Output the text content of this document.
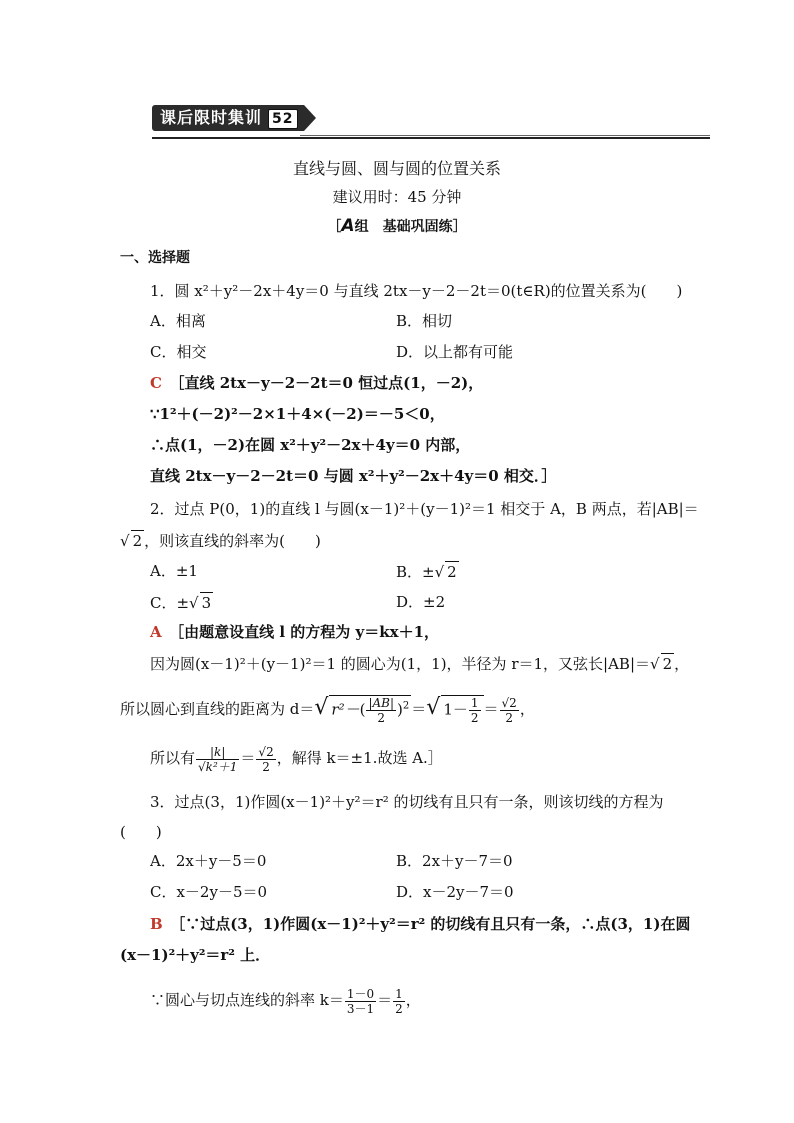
课后限时集训 52
直线与圆、圆与圆的位置关系
建议用时：45 分钟
［A组　基础巩固练］
一、选择题
1．圆 x²＋y²－2x＋4y＝0 与直线 2tx－y－2－2t＝0(t∈R)的位置关系为(　　)
A．相离	B．相切
C．相交	D．以上都有可能
C　 ［直线 2tx－y－2－2t＝0 恒过点(1，－2)，
∵1²＋(－2)²－2×1＋4×(－2)＝－5＜0，
∴点(1，－2)在圆 x²＋y²－2x＋4y＝0 内部，
直线 2tx－y－2－2t＝0 与圆 x²＋y²－2x＋4y＝0 相交．］
2．过点 P(0，1)的直线 l 与圆(x－1)²＋(y－1)²＝1 相交于 A，B 两点，若|AB|＝
√ 2 ，则该直线的斜率为(　　)
A．±1	B．±√ 2
C．±√ 3	D．±2
A　 ［由题意设直线 l 的方程为 y＝kx＋1，
因为圆(x－1)²＋(y－1)²＝1 的圆心为(1，1)，半径为 r＝1，又弦长|AB|＝√ 2 ，
所以圆心到直线的距离为 d＝√ $r^2-( \frac{|AB|}{2} )^2$ ＝√ $1- \frac{1}{2} = \frac{√2}{2}$ ，
所以有 $\frac{|k|}{\text{√k²＋1}} = \frac{√2}{2}$ ，解得 k＝±1.故选 A.］
3．过点(3，1)作圆(x－1)²＋y²＝r² 的切线有且只有一条，则该切线的方程为
(　　)
A．2x＋y－5＝0	B．2x＋y－7＝0
C．x－2y－5＝0	D．x－2y－7＝0
B　 ［∵过点(3，1)作圆(x－1)²＋y²＝r² 的切线有且只有一条，∴点(3，1)在圆
(x－1)²＋y²＝r² 上．
∵圆心与切点连线的斜率 $k= \frac{1-0}{3-1} = \frac{1}{2}$ ，
